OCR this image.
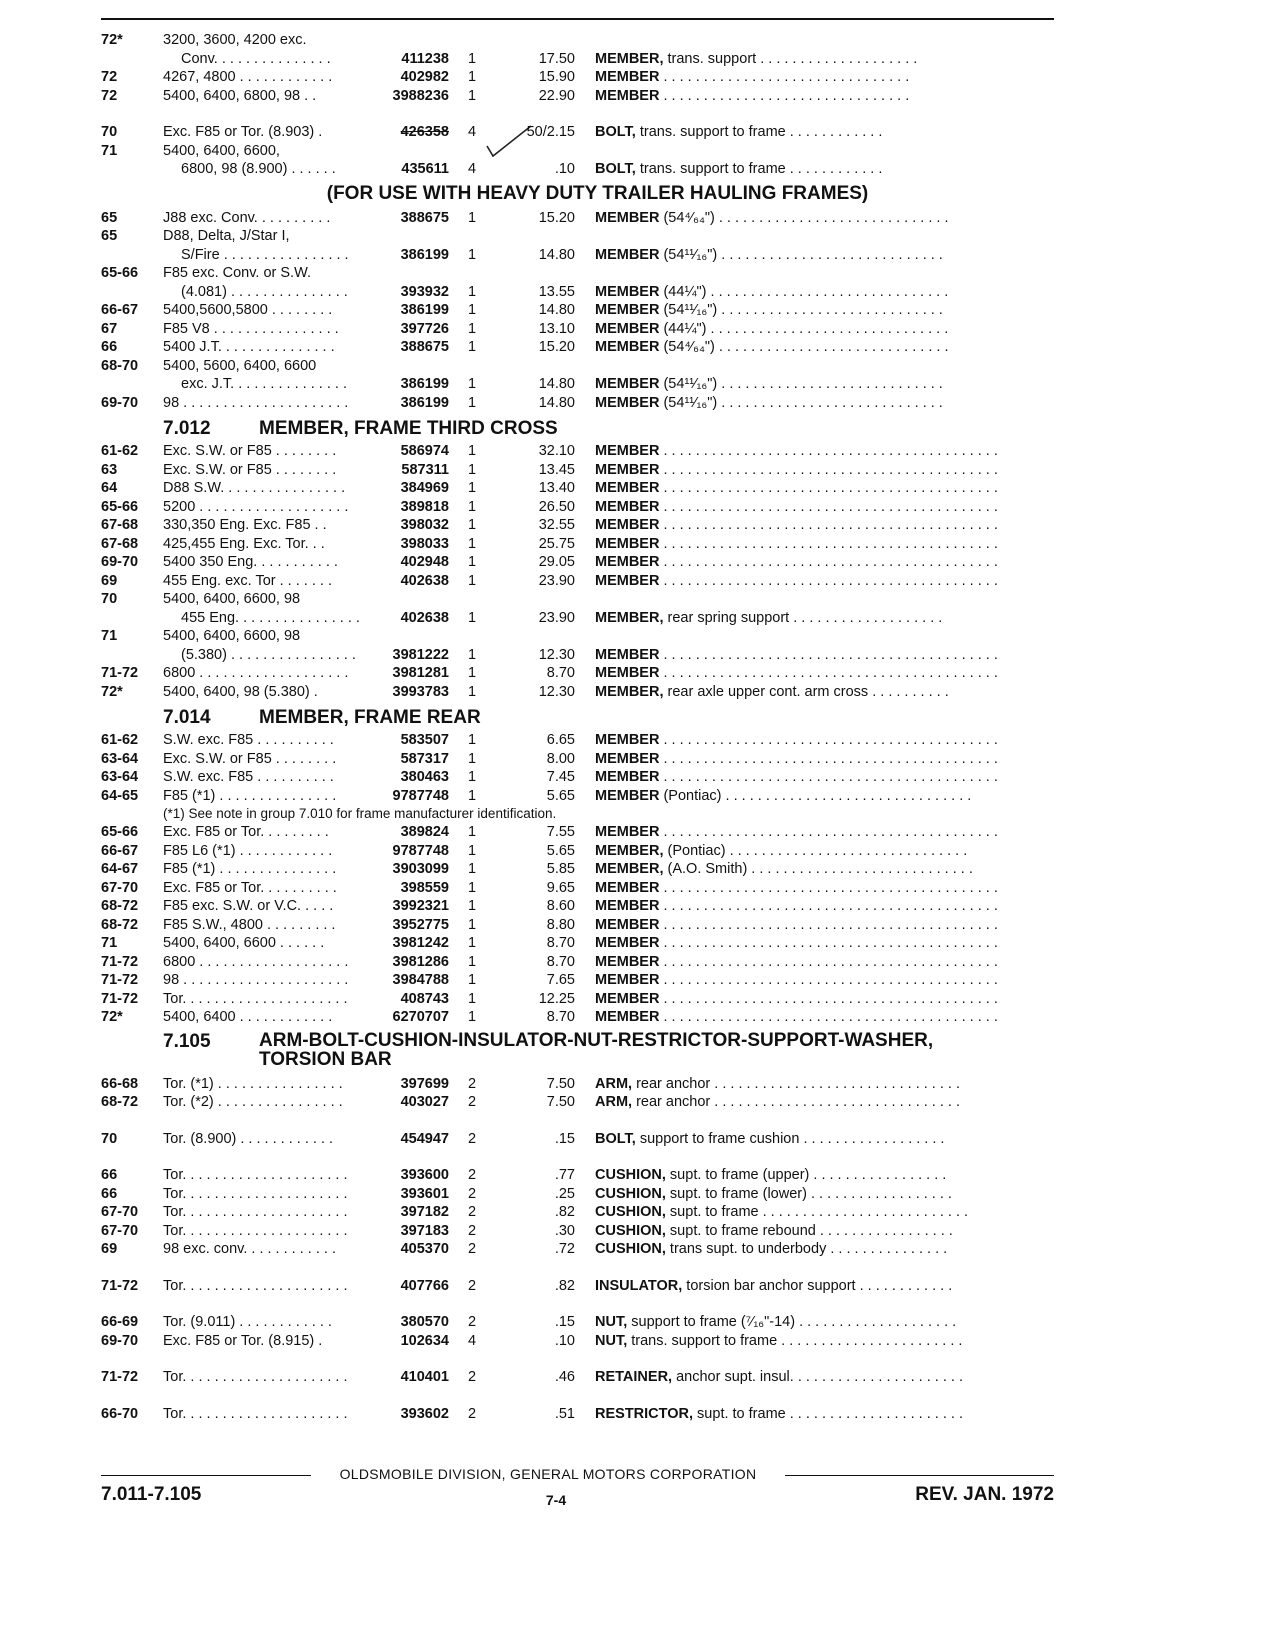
72*	3200, 3600, 4200 exc.
Conv. . . . . . . . . . . . . . .	411238 1	17.50 MEMBER, trans. support . . . . . . . . . . . . . . . . . . . .
72	4267, 4800 . . . . . . . . . . . .	402982 1	15.90 MEMBER . . . . . . . . . . . . . . . . . . . . . . . . . . . . . . .
72	5400, 6400, 6800, 98 . .	3988236 1	22.90 MEMBER . . . . . . . . . . . . . . . . . . . . . . . . . . . . . . .
70	Exc. F85 or Tor. (8.903) .	426358 4	50/2.15 BOLT, trans. support to frame . . . . . . . . . . . .
71	5400, 6400, 6600,
6800, 98 (8.900) . . . . . .	435611 4	.10 BOLT, trans. support to frame . . . . . . . . . . . .
(FOR USE WITH HEAVY DUTY TRAILER HAULING FRAMES)
65	J88 exc. Conv. . . . . . . . . .	388675 1	15.20 MEMBER (54⁴⁄₆₄") . . . . . . . . . . . . . . . . . . . . . . . . . . . . .
65	D88, Delta, J/Star I,
S/Fire . . . . . . . . . . . . . . . .	386199 1	14.80 MEMBER (54¹¹⁄₁₆") . . . . . . . . . . . . . . . . . . . . . . . . . . . .
65-66	F85 exc. Conv. or S.W.
(4.081) . . . . . . . . . . . . . . .	393932 1	13.55 MEMBER (44¼") . . . . . . . . . . . . . . . . . . . . . . . . . . . . . .
66-67	5400,5600,5800 . . . . . . . .	386199 1	14.80 MEMBER (54¹¹⁄₁₆") . . . . . . . . . . . . . . . . . . . . . . . . . . . .
67	F85 V8 . . . . . . . . . . . . . . . .	397726 1	13.10 MEMBER (44¼") . . . . . . . . . . . . . . . . . . . . . . . . . . . . . .
66	5400 J.T. . . . . . . . . . . . . . .	388675 1	15.20 MEMBER (54⁴⁄₆₄") . . . . . . . . . . . . . . . . . . . . . . . . . . . . .
68-70	5400, 5600, 6400, 6600
exc. J.T. . . . . . . . . . . . . . .	386199 1	14.80 MEMBER (54¹¹⁄₁₆") . . . . . . . . . . . . . . . . . . . . . . . . . . . .
69-70	98 . . . . . . . . . . . . . . . . . . . . .	386199 1	14.80 MEMBER (54¹¹⁄₁₆") . . . . . . . . . . . . . . . . . . . . . . . . . . . .
7.012	MEMBER, FRAME THIRD CROSS
61-62	Exc. S.W. or F85 . . . . . . . .	586974 1	32.10 MEMBER . . . . . . . . . . . . . . . . . . . . . . . . . . . . . . . . . . . . . . . . . .
63	Exc. S.W. or F85 . . . . . . . .	587311 1	13.45 MEMBER . . . . . . . . . . . . . . . . . . . . . . . . . . . . . . . . . . . . . . . . . .
64	D88 S.W. . . . . . . . . . . . . . . .	384969 1	13.40 MEMBER . . . . . . . . . . . . . . . . . . . . . . . . . . . . . . . . . . . . . . . . . .
65-66	5200 . . . . . . . . . . . . . . . . . . .	389818 1	26.50 MEMBER . . . . . . . . . . . . . . . . . . . . . . . . . . . . . . . . . . . . . . . . . .
67-68	330,350 Eng. Exc. F85 . .	398032 1	32.55 MEMBER . . . . . . . . . . . . . . . . . . . . . . . . . . . . . . . . . . . . . . . . . .
67-68	425,455 Eng. Exc. Tor. . .	398033 1	25.75 MEMBER . . . . . . . . . . . . . . . . . . . . . . . . . . . . . . . . . . . . . . . . . .
69-70	5400 350 Eng. . . . . . . . . . .	402948 1	29.05 MEMBER . . . . . . . . . . . . . . . . . . . . . . . . . . . . . . . . . . . . . . . . . .
69	455 Eng. exc. Tor . . . . . . .	402638 1	23.90 MEMBER . . . . . . . . . . . . . . . . . . . . . . . . . . . . . . . . . . . . . . . . . .
70	5400, 6400, 6600, 98
455 Eng. . . . . . . . . . . . . . . .	402638 1	23.90 MEMBER, rear spring support . . . . . . . . . . . . . . . . . . .
71	5400, 6400, 6600, 98
(5.380) . . . . . . . . . . . . . . . .	3981222 1	12.30 MEMBER . . . . . . . . . . . . . . . . . . . . . . . . . . . . . . . . . . . . . . . . . .
71-72	6800 . . . . . . . . . . . . . . . . . . .	3981281 1	8.70 MEMBER . . . . . . . . . . . . . . . . . . . . . . . . . . . . . . . . . . . . . . . . . .
72*	5400, 6400, 98 (5.380) .	3993783 1	12.30 MEMBER, rear axle upper cont. arm cross . . . . . . . . . .
7.014	MEMBER, FRAME REAR
61-62	S.W. exc. F85 . . . . . . . . . .	583507 1	6.65 MEMBER . . . . . . . . . . . . . . . . . . . . . . . . . . . . . . . . . . . . . . . . . .
63-64	Exc. S.W. or F85 . . . . . . . .	587317 1	8.00 MEMBER . . . . . . . . . . . . . . . . . . . . . . . . . . . . . . . . . . . . . . . . . .
63-64	S.W. exc. F85 . . . . . . . . . .	380463 1	7.45 MEMBER . . . . . . . . . . . . . . . . . . . . . . . . . . . . . . . . . . . . . . . . . .
64-65	F85 (*1) . . . . . . . . . . . . . . .	9787748 1	5.65 MEMBER (Pontiac) . . . . . . . . . . . . . . . . . . . . . . . . . . . . . . .
(*1) See note in group 7.010 for frame manufacturer identification.
65-66	Exc. F85 or Tor. . . . . . . . .	389824 1	7.55 MEMBER . . . . . . . . . . . . . . . . . . . . . . . . . . . . . . . . . . . . . . . . . .
66-67	F85 L6 (*1) . . . . . . . . . . . .	9787748 1	5.65 MEMBER, (Pontiac) . . . . . . . . . . . . . . . . . . . . . . . . . . . . . .
64-67	F85 (*1) . . . . . . . . . . . . . . .	3903099 1	5.85 MEMBER, (A.O. Smith) . . . . . . . . . . . . . . . . . . . . . . . . . . . .
67-70	Exc. F85 or Tor. . . . . . . . . .	398559 1	9.65 MEMBER . . . . . . . . . . . . . . . . . . . . . . . . . . . . . . . . . . . . . . . . . .
68-72	F85 exc. S.W. or V.C. . . . .	3992321 1	8.60 MEMBER . . . . . . . . . . . . . . . . . . . . . . . . . . . . . . . . . . . . . . . . . .
68-72	F85 S.W., 4800 . . . . . . . . .	3952775 1	8.80 MEMBER . . . . . . . . . . . . . . . . . . . . . . . . . . . . . . . . . . . . . . . . . .
71	5400, 6400, 6600 . . . . . .	3981242 1	8.70 MEMBER . . . . . . . . . . . . . . . . . . . . . . . . . . . . . . . . . . . . . . . . . .
71-72	6800 . . . . . . . . . . . . . . . . . . .	3981286 1	8.70 MEMBER . . . . . . . . . . . . . . . . . . . . . . . . . . . . . . . . . . . . . . . . . .
71-72	98 . . . . . . . . . . . . . . . . . . . . .	3984788 1	7.65 MEMBER . . . . . . . . . . . . . . . . . . . . . . . . . . . . . . . . . . . . . . . . . .
71-72	Tor. . . . . . . . . . . . . . . . . . . . .	408743 1	12.25 MEMBER . . . . . . . . . . . . . . . . . . . . . . . . . . . . . . . . . . . . . . . . . .
72*	5400, 6400 . . . . . . . . . . . .	6270707 1	8.70 MEMBER . . . . . . . . . . . . . . . . . . . . . . . . . . . . . . . . . . . . . . . . . .
7.105	ARM-BOLT-CUSHION-INSULATOR-NUT-RESTRICTOR-SUPPORT-WASHER,
TORSION BAR
66-68	Tor. (*1) . . . . . . . . . . . . . . . .	397699 2	7.50 ARM, rear anchor . . . . . . . . . . . . . . . . . . . . . . . . . . . . . . .
68-72	Tor. (*2) . . . . . . . . . . . . . . . .	403027 2	7.50 ARM, rear anchor . . . . . . . . . . . . . . . . . . . . . . . . . . . . . . .
70	Tor. (8.900) . . . . . . . . . . . .	454947 2	.15 BOLT, support to frame cushion . . . . . . . . . . . . . . . . . .
66	Tor. . . . . . . . . . . . . . . . . . . . .	393600 2	.77 CUSHION, supt. to frame (upper) . . . . . . . . . . . . . . . . .
66	Tor. . . . . . . . . . . . . . . . . . . . .	393601 2	.25 CUSHION, supt. to frame (lower) . . . . . . . . . . . . . . . . . .
67-70	Tor. . . . . . . . . . . . . . . . . . . . .	397182 2	.82 CUSHION, supt. to frame . . . . . . . . . . . . . . . . . . . . . . . . . .
67-70	Tor. . . . . . . . . . . . . . . . . . . . .	397183 2	.30 CUSHION, supt. to frame rebound . . . . . . . . . . . . . . . . .
69	98 exc. conv. . . . . . . . . . . .	405370 2	.72 CUSHION, trans supt. to underbody . . . . . . . . . . . . . . .
71-72	Tor. . . . . . . . . . . . . . . . . . . . .	407766 2	.82 INSULATOR, torsion bar anchor support . . . . . . . . . . . .
66-69	Tor. (9.011) . . . . . . . . . . . .	380570 2	.15 NUT, support to frame (⁷⁄₁₆"-14) . . . . . . . . . . . . . . . . . . . .
69-70	Exc. F85 or Tor. (8.915) .	102634 4	.10 NUT, trans. support to frame . . . . . . . . . . . . . . . . . . . . . . .
71-72	Tor. . . . . . . . . . . . . . . . . . . . .	410401 2	.46 RETAINER, anchor supt. insul. . . . . . . . . . . . . . . . . . . . . .
66-70	Tor. . . . . . . . . . . . . . . . . . . . .	393602 2	.51 RESTRICTOR, supt. to frame . . . . . . . . . . . . . . . . . . . . . .
OLDSMOBILE DIVISION, GENERAL MOTORS CORPORATION
7.011-7.105	7-4	REV. JAN. 1972
